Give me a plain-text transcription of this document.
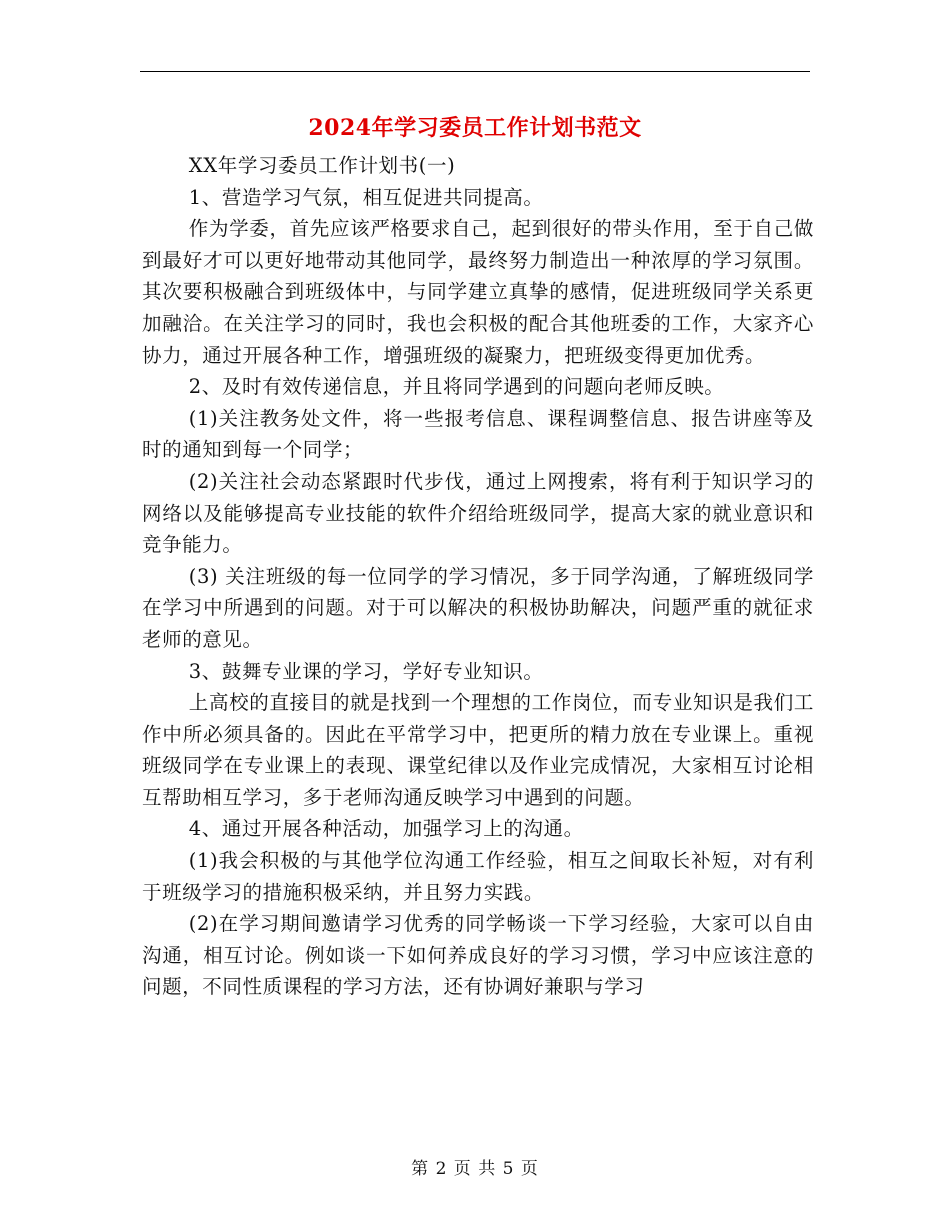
2024年学习委员工作计划书范文

XX年学习委员工作计划书(一)

1、营造学习气氛，相互促进共同提高。

作为学委，首先应该严格要求自己，起到很好的带头作用，至于自己做到最好才可以更好地带动其他同学，最终努力制造出一种浓厚的学习氛围。其次要积极融合到班级体中，与同学建立真挚的感情，促进班级同学关系更加融洽。在关注学习的同时，我也会积极的配合其他班委的工作，大家齐心协力，通过开展各种工作，增强班级的凝聚力，把班级变得更加优秀。

2、及时有效传递信息，并且将同学遇到的问题向老师反映。

(1)关注教务处文件，将一些报考信息、课程调整信息、报告讲座等及时的通知到每一个同学；

(2)关注社会动态紧跟时代步伐，通过上网搜索，将有利于知识学习的网络以及能够提高专业技能的软件介绍给班级同学，提高大家的就业意识和竞争能力。

(3) 关注班级的每一位同学的学习情况，多于同学沟通，了解班级同学在学习中所遇到的问题。对于可以解决的积极协助解决，问题严重的就征求老师的意见。

3、鼓舞专业课的学习，学好专业知识。

上高校的直接目的就是找到一个理想的工作岗位，而专业知识是我们工作中所必须具备的。因此在平常学习中，把更所的精力放在专业课上。重视班级同学在专业课上的表现、课堂纪律以及作业完成情况，大家相互讨论相互帮助相互学习，多于老师沟通反映学习中遇到的问题。

4、通过开展各种活动，加强学习上的沟通。

(1)我会积极的与其他学位沟通工作经验，相互之间取长补短，对有利于班级学习的措施积极采纳，并且努力实践。

(2)在学习期间邀请学习优秀的同学畅谈一下学习经验，大家可以自由沟通，相互讨论。例如谈一下如何养成良好的学习习惯，学习中应该注意的问题，不同性质课程的学习方法，还有协调好兼职与学习

第 2 页 共 5 页
